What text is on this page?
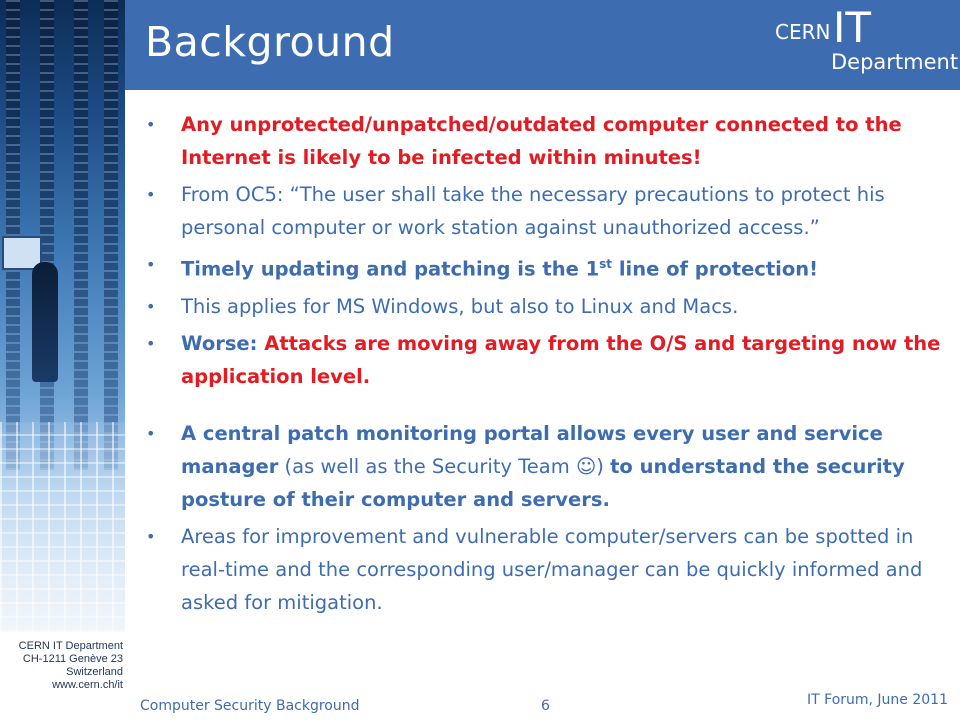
CERN IT Department
CH-1211 Genève 23
Switzerland
www.cern.ch/it
Background	CERN IT
Department
• Any unprotected/unpatched/outdated computer connected to the Internet is likely to be infected within minutes!
• From OC5: “The user shall take the necessary precautions to protect his personal computer or work station against unauthorized access.”
• Timely updating and patching is the 1st line of protection!
• This applies for MS Windows, but also to Linux and Macs.
• Worse: Attacks are moving away from the O/S and targeting now the application level.
• A central patch monitoring portal allows every user and service manager (as well as the Security Team ☺) to understand the security posture of their computer and servers.
• Areas for improvement and vulnerable computer/servers can be spotted in real-time and the corresponding user/manager can be quickly informed and asked for mitigation.
Computer Security Background	6	IT Forum, June 2011
